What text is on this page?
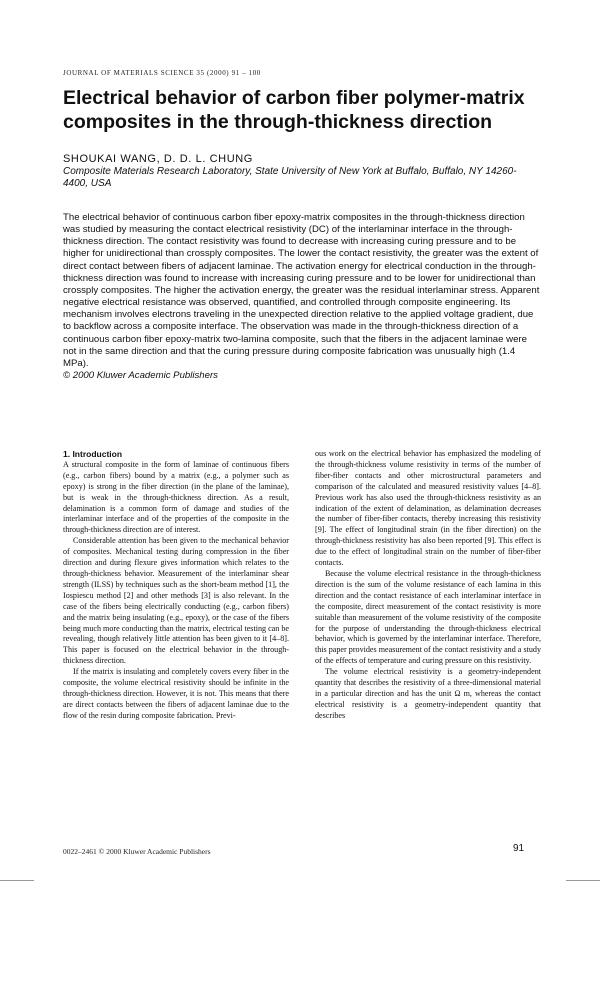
JOURNAL OF MATERIALS SCIENCE 35 (2000) 91 – 100
Electrical behavior of carbon fiber polymer-matrix composites in the through-thickness direction
SHOUKAI WANG, D. D. L. CHUNG
Composite Materials Research Laboratory, State University of New York at Buffalo, Buffalo, NY 14260-4400, USA

The electrical behavior of continuous carbon fiber epoxy-matrix composites in the through-thickness direction was studied by measuring the contact electrical resistivity (DC) of the interlaminar interface in the through-thickness direction. The contact resistivity was found to decrease with increasing curing pressure and to be higher for unidirectional than crossply composites. The lower the contact resistivity, the greater was the extent of direct contact between fibers of adjacent laminae. The activation energy for electrical conduction in the through-thickness direction was found to increase with increasing curing pressure and to be lower for unidirectional than crossply composites. The higher the activation energy, the greater was the residual interlaminar stress. Apparent negative electrical resistance was observed, quantified, and controlled through composite engineering. Its mechanism involves electrons traveling in the unexpected direction relative to the applied voltage gradient, due to backflow across a composite interface. The observation was made in the through-thickness direction of a continuous carbon fiber epoxy-matrix two-lamina composite, such that the fibers in the adjacent laminae were not in the same direction and that the curing pressure during composite fabrication was unusually high (1.4 MPa).

© 2000 Kluwer Academic Publishers

1. Introduction

A structural composite in the form of laminae of continuous fibers (e.g., carbon fibers) bound by a matrix (e.g., a polymer such as epoxy) is strong in the fiber direction (in the plane of the laminae), but is weak in the through-thickness direction. As a result, delamination is a common form of damage and studies of the interlaminar interface and of the properties of the composite in the through-thickness direction are of interest.

Considerable attention has been given to the mechanical behavior of composites. Mechanical testing during compression in the fiber direction and during flexure gives information which relates to the through-thickness behavior. Measurement of the interlaminar shear strength (ILSS) by techniques such as the short-beam method [1], the Iospiescu method [2] and other methods [3] is also relevant. In the case of the fibers being electrically conducting (e.g., carbon fibers) and the matrix being insulating (e.g., epoxy), or the case of the fibers being much more conducting than the matrix, electrical testing can be revealing, though relatively little attention has been given to it [4–8]. This paper is focused on the electrical behavior in the through-thickness direction.

If the matrix is insulating and completely covers every fiber in the composite, the volume electrical resistivity should be infinite in the through-thickness direction. However, it is not. This means that there are direct contacts between the fibers of adjacent laminae due to the flow of the resin during composite fabrication. Previ-

ous work on the electrical behavior has emphasized the modeling of the through-thickness volume resistivity in terms of the number of fiber-fiber contacts and other microstructural parameters and comparison of the calculated and measured resistivity values [4–8]. Previous work has also used the through-thickness resistivity as an indication of the extent of delamination, as delamination decreases the number of fiber-fiber contacts, thereby increasing this resistivity [9]. The effect of longitudinal strain (in the fiber direction) on the through-thickness resistivity has also been reported [9]. This effect is due to the effect of longitudinal strain on the number of fiber-fiber contacts.

Because the volume electrical resistance in the through-thickness direction is the sum of the volume resistance of each lamina in this direction and the contact resistance of each interlaminar interface in the composite, direct measurement of the contact resistivity is more suitable than measurement of the volume resistivity of the composite for the purpose of understanding the through-thickness electrical behavior, which is governed by the interlaminar interface. Therefore, this paper provides measurement of the contact resistivity and a study of the effects of temperature and curing pressure on this resistivity.

The volume electrical resistivity is a geometry-independent quantity that describes the resistivity of a three-dimensional material in a particular direction and has the unit Ω m, whereas the contact electrical resistivity is a geometry-independent quantity that describes

0022–2461 © 2000 Kluwer Academic Publishers	91
